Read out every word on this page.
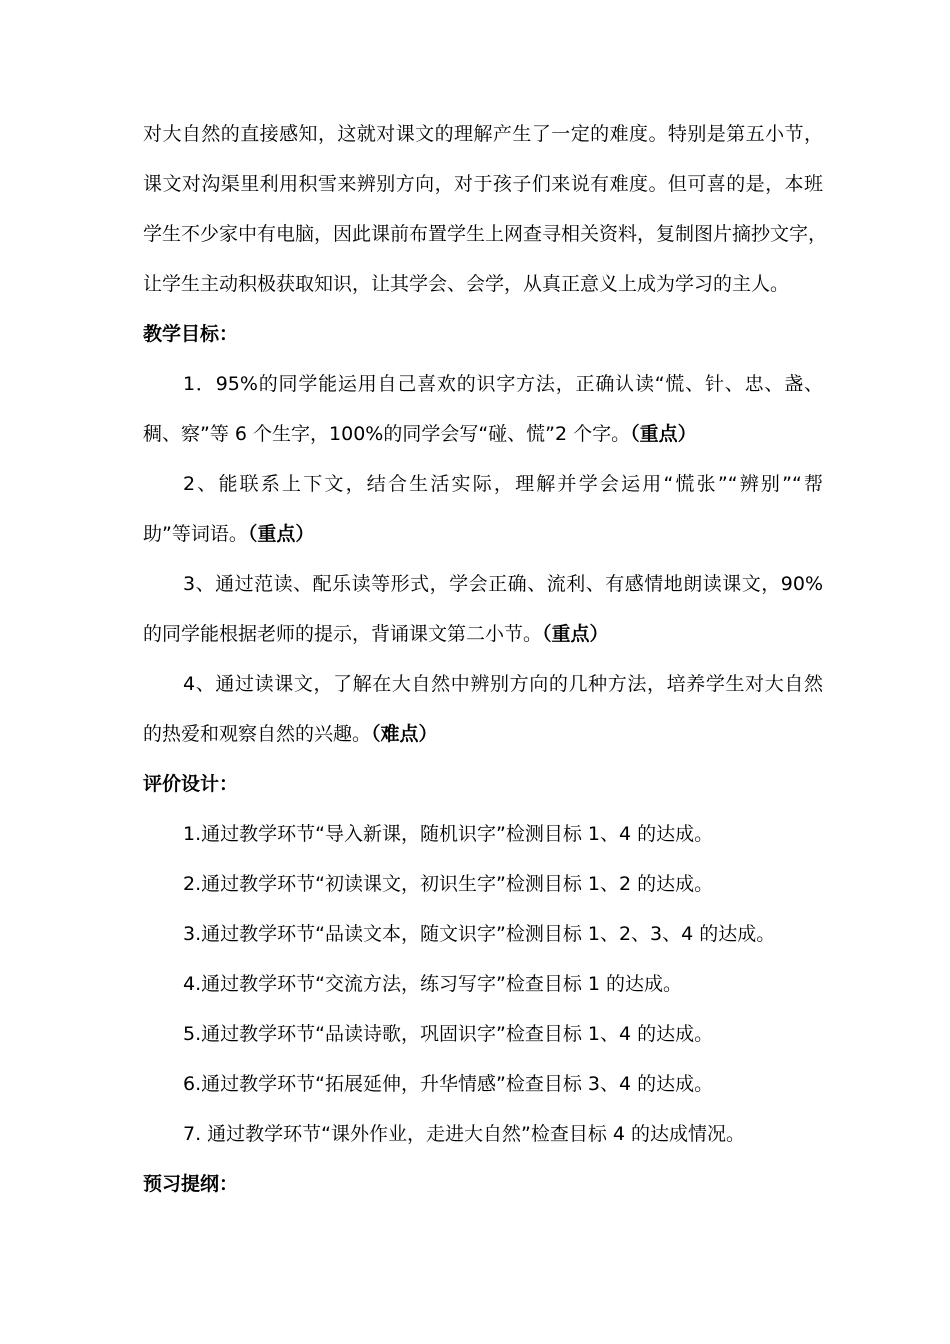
对大自然的直接感知，这就对课文的理解产生了一定的难度。特别是第五小节，
课文对沟渠里利用积雪来辨别方向，对于孩子们来说有难度。但可喜的是，本班
学生不少家中有电脑，因此课前布置学生上网查寻相关资料，复制图片摘抄文字，
让学生主动积极获取知识，让其学会、会学，从真正意义上成为学习的主人。
教学目标：
1．95%的同学能运用自己喜欢的识字方法，正确认读“慌、针、忠、盏、
稠、察”等 6 个生字，100%的同学会写“碰、慌”2 个字。（重点）
2、能联系上下文，结合生活实际，理解并学会运用“慌张”“辨别”“帮
助”等词语。（重点）
3、通过范读、配乐读等形式，学会正确、流利、有感情地朗读课文，90%
的同学能根据老师的提示，背诵课文第二小节。（重点）
4、通过读课文，了解在大自然中辨别方向的几种方法，培养学生对大自然
的热爱和观察自然的兴趣。（难点）
评价设计：
1.通过教学环节“导入新课，随机识字”检测目标 1、4 的达成。
2.通过教学环节“初读课文，初识生字”检测目标 1、2 的达成。
3.通过教学环节“品读文本，随文识字”检测目标 1、2、3、4 的达成。
4.通过教学环节“交流方法，练习写字”检查目标 1 的达成。
5.通过教学环节“品读诗歌，巩固识字”检查目标 1、4 的达成。
6.通过教学环节“拓展延伸，升华情感”检查目标 3、4 的达成。
7. 通过教学环节“课外作业，走进大自然”检查目标 4 的达成情况。
预习提纲：
